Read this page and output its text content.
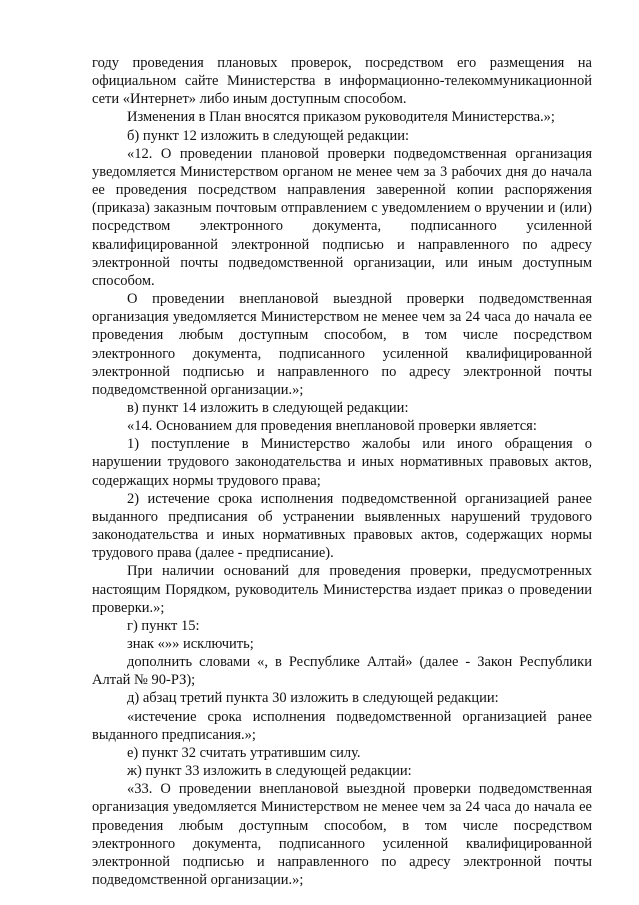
году проведения плановых проверок, посредством его размещения на официальном сайте Министерства в информационно-телекоммуникационной сети «Интернет» либо иным доступным способом.

Изменения в План вносятся приказом руководителя Министерства.»;

б) пункт 12 изложить в следующей редакции:

«12. О проведении плановой проверки подведомственная организация уведомляется Министерством органом не менее чем за 3 рабочих дня до начала ее проведения посредством направления заверенной копии распоряжения (приказа) заказным почтовым отправлением с уведомлением о вручении и (или) посредством электронного документа, подписанного усиленной квалифицированной электронной подписью и направленного по адресу электронной почты подведомственной организации, или иным доступным способом.

О проведении внеплановой выездной проверки подведомственная организация уведомляется Министерством не менее чем за 24 часа до начала ее проведения любым доступным способом, в том числе посредством электронного документа, подписанного усиленной квалифицированной электронной подписью и направленного по адресу электронной почты подведомственной организации.»;

в) пункт 14 изложить в следующей редакции:

«14. Основанием для проведения внеплановой проверки является:

1) поступление в Министерство жалобы или иного обращения о нарушении трудового законодательства и иных нормативных правовых актов, содержащих нормы трудового права;

2) истечение срока исполнения подведомственной организацией ранее выданного предписания об устранении выявленных нарушений трудового законодательства и иных нормативных правовых актов, содержащих нормы трудового права (далее - предписание).

При наличии оснований для проведения проверки, предусмотренных настоящим Порядком, руководитель Министерства издает приказ о проведении проверки.»;

г) пункт 15:

знак «»» исключить;

дополнить словами «, в Республике Алтай» (далее - Закон Республики Алтай № 90-РЗ);

д) абзац третий пункта 30 изложить в следующей редакции:

«истечение срока исполнения подведомственной организацией ранее выданного предписания.»;

е) пункт 32 считать утратившим силу.

ж) пункт 33 изложить в следующей редакции:

«33. О проведении внеплановой выездной проверки подведомственная организация уведомляется Министерством не менее чем за 24 часа до начала ее проведения любым доступным способом, в том числе посредством электронного документа, подписанного усиленной квалифицированной электронной подписью и направленного по адресу электронной почты подведомственной организации.»;
